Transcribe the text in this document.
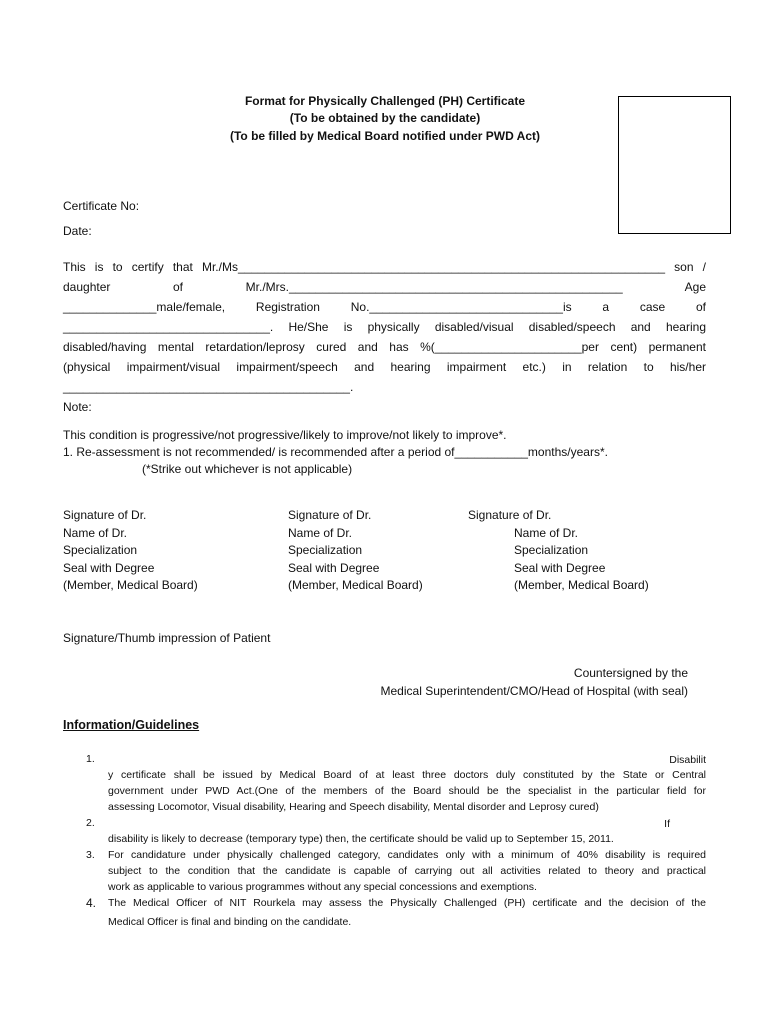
Format for Physically Challenged (PH) Certificate
(To be obtained by the candidate)
(To be filled by Medical Board notified under PWD Act)
Certificate No:
Date:
This is to certify that Mr./Ms________________________________________________________________ son /
daughter of Mr./Mrs.__________________________________________________ Age
______________male/female, Registration No._____________________________is a case of
_______________________________. He/She is physically disabled/visual disabled/speech and hearing
disabled/having mental retardation/leprosy cured and has %(______________________per cent) permanent
(physical impairment/visual impairment/speech and hearing impairment etc.) in relation to his/her
___________________________________________.
Note:
This condition is progressive/not progressive/likely to improve/not likely to improve*.
1. Re-assessment is not recommended/ is recommended after a period of___________months/years*.
(*Strike out whichever is not applicable)
Signature of Dr.
Name of Dr.
Specialization
Seal with Degree
(Member, Medical Board)
Signature of Dr.
Name of Dr.
Specialization
Seal with Degree
(Member, Medical Board)
Signature of Dr.
Name of Dr.
Specialization
Seal with Degree
(Member, Medical Board)
Signature/Thumb impression of Patient
Countersigned by the
Medical Superintendent/CMO/Head of Hospital (with seal)
Information/Guidelines
1.	Disabilit
y certificate shall be issued by Medical Board of at least three doctors duly constituted by the State or Central
government under PWD Act.(One of the members of the Board should be the specialist in the particular field for
assessing Locomotor, Visual disability, Hearing and Speech disability, Mental disorder and Leprosy cured)
2.	If
disability is likely to decrease (temporary type) then, the certificate should be valid up to September 15, 2011.
3. For candidature under physically challenged category, candidates only with a minimum of 40% disability is required
subject to the condition that the candidate is capable of carrying out all activities related to theory and practical
work as applicable to various programmes without any special concessions and exemptions.
4. The Medical Officer of NIT Rourkela may assess the Physically Challenged (PH) certificate and the decision of the
Medical Officer is final and binding on the candidate.
